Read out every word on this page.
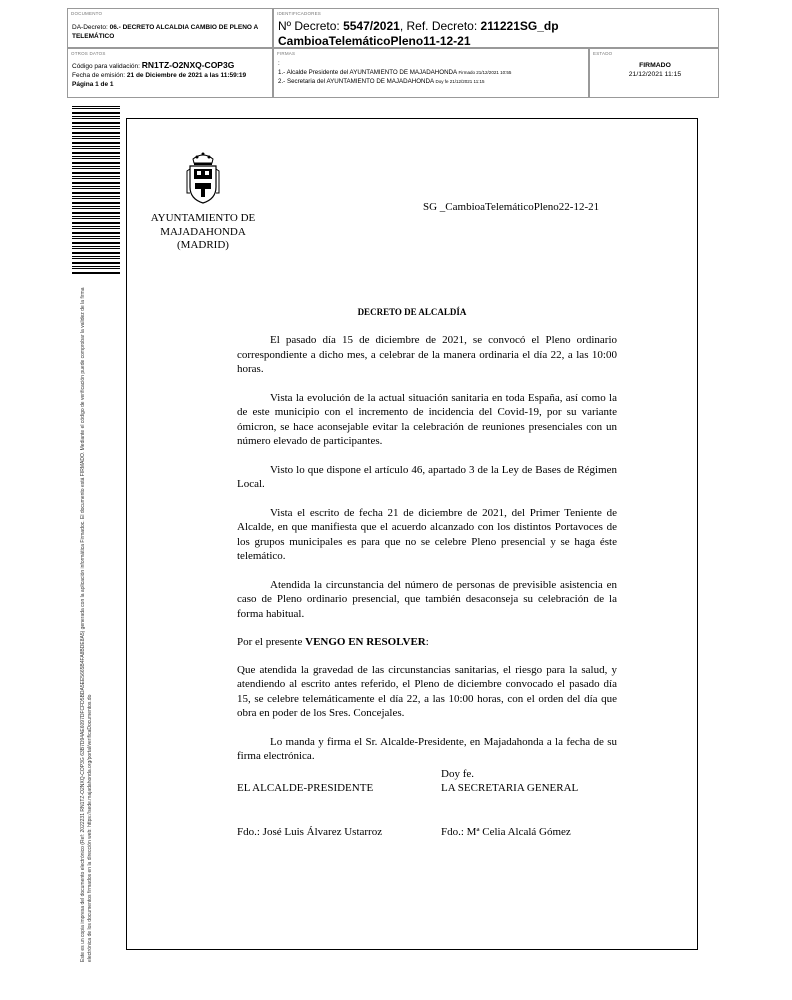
DOCUMENTO
DA-Decreto: 06.- DECRETO ALCALDIA CAMBIO DE PLENO A TELEMÁTICO
IDENTIFICADORES
Nº Decreto: 5547/2021, Ref. Decreto: 211221SG_dp CambioaTelemáticoPleno11-12-21
OTROS DATOS
Código para validación: RN1TZ-O2NXQ-COP3G
Fecha de emisión: 21 de Diciembre de 2021 a las 11:59:19
Página 1 de 1
FIRMAS
:
1.- Alcalde Presidente del AYUNTAMIENTO DE MAJADAHONDA Firmado 21/12/2021 10:55
2.- Secretaria del AYUNTAMIENTO DE MAJADAHONDA Doy fe 21/12/2021 11:15
ESTADO
FIRMADO
21/12/2021 11:15
Este es un copia impresa del documento electrónico (Ref: 2022231 RN1TZ-O2NXQ-COP3G 63B7D94AE6097DFCFD5BDA5EE5665B4FA8BDE8A5) generada con la aplicación informática Firmadoc. El documento está FIRMADO. Mediante el código de verificación puede comprobar la validez de la firma electrónica de los documentos firmados en la dirección web: https://sede.majadahonda.org/portal/verificaDocumentos.do
AYUNTAMIENTO DE
MAJADAHONDA
(MADRID)
SG _CambioaTelemáticoPleno22-12-21
DECRETO DE ALCALDÍA

El pasado día 15 de diciembre de 2021, se convocó el Pleno ordinario correspondiente a dicho mes, a celebrar de la manera ordinaria el día 22, a las 10:00 horas.

Vista la evolución de la actual situación sanitaria en toda España, así como la de este municipio con el incremento de incidencia del Covid-19, por su variante ómicron, se hace aconsejable evitar la celebración de reuniones presenciales con un número elevado de participantes.

Visto lo que dispone el artículo 46, apartado 3 de la Ley de Bases de Régimen Local.

Vista el escrito de fecha 21 de diciembre de 2021, del Primer Teniente de Alcalde, en que manifiesta que el acuerdo alcanzado con los distintos Portavoces de los grupos municipales es para que no se celebre Pleno presencial y se haga éste telemático.

Atendida la circunstancia del número de personas de previsible asistencia en caso de Pleno ordinario presencial, que también desaconseja su celebración de la forma habitual.

Por el presente VENGO EN RESOLVER:

Que atendida la gravedad de las circunstancias sanitarias, el riesgo para la salud, y atendiendo al escrito antes referido, el Pleno de diciembre convocado el pasado día 15, se celebre telemáticamente el día 22, a las 10:00 horas, con el orden del día que obra en poder de los Sres. Concejales.

Lo manda y firma el Sr. Alcalde-Presidente, en Majadahonda a la fecha de su firma electrónica.

Doy fe.
EL ALCALDE-PRESIDENTE	LA SECRETARIA GENERAL
Fdo.: José Luis Álvarez Ustarroz	Fdo.: Mª Celia Alcalá Gómez
